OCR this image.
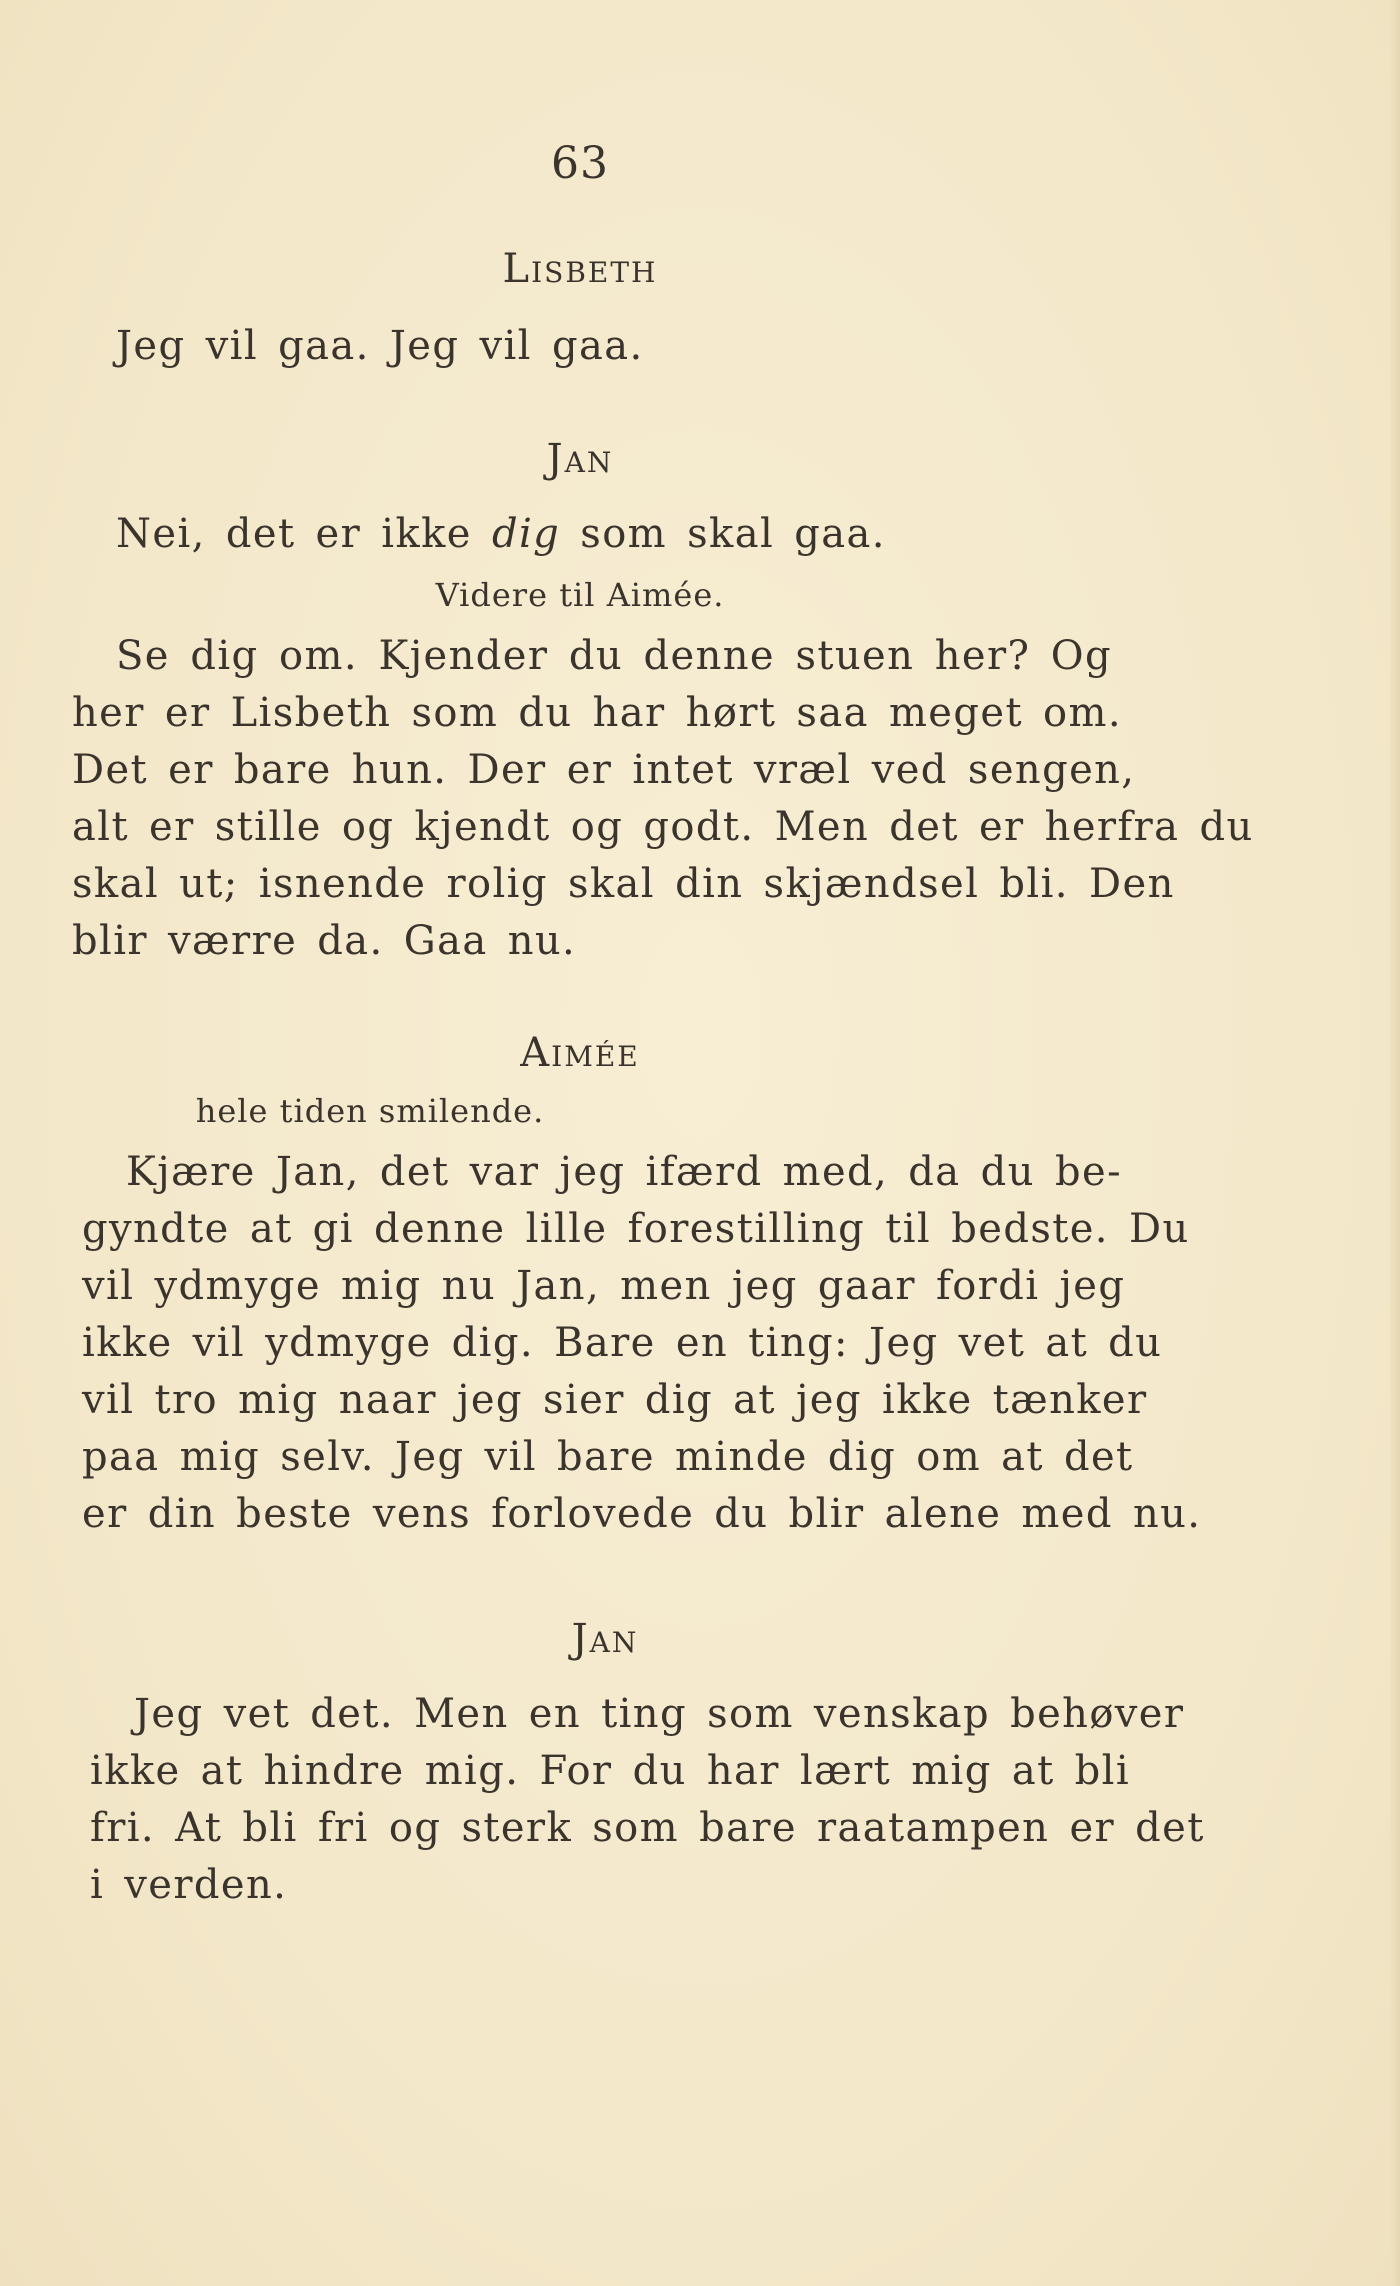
63
Lisbeth
Jeg vil gaa. Jeg vil gaa.
Jan
Nei, det er ikke dig som skal gaa.
Videre til Aimée.
Se dig om. Kjender du denne stuen her? Og
her er Lisbeth som du har hørt saa meget om.
Det er bare hun. Der er intet vræl ved sengen,
alt er stille og kjendt og godt. Men det er herfra du
skal ut; isnende rolig skal din skjændsel bli. Den
blir værre da. Gaa nu.
Aimée
hele tiden smilende.
Kjære Jan, det var jeg ifærd med, da du be-
gyndte at gi denne lille forestilling til bedste. Du
vil ydmyge mig nu Jan, men jeg gaar fordi jeg
ikke vil ydmyge dig. Bare en ting: Jeg vet at du
vil tro mig naar jeg sier dig at jeg ikke tænker
paa mig selv. Jeg vil bare minde dig om at det
er din beste vens forlovede du blir alene med nu.
Jan
Jeg vet det. Men en ting som venskap behøver
ikke at hindre mig. For du har lært mig at bli
fri. At bli fri og sterk som bare raatampen er det
i verden.
